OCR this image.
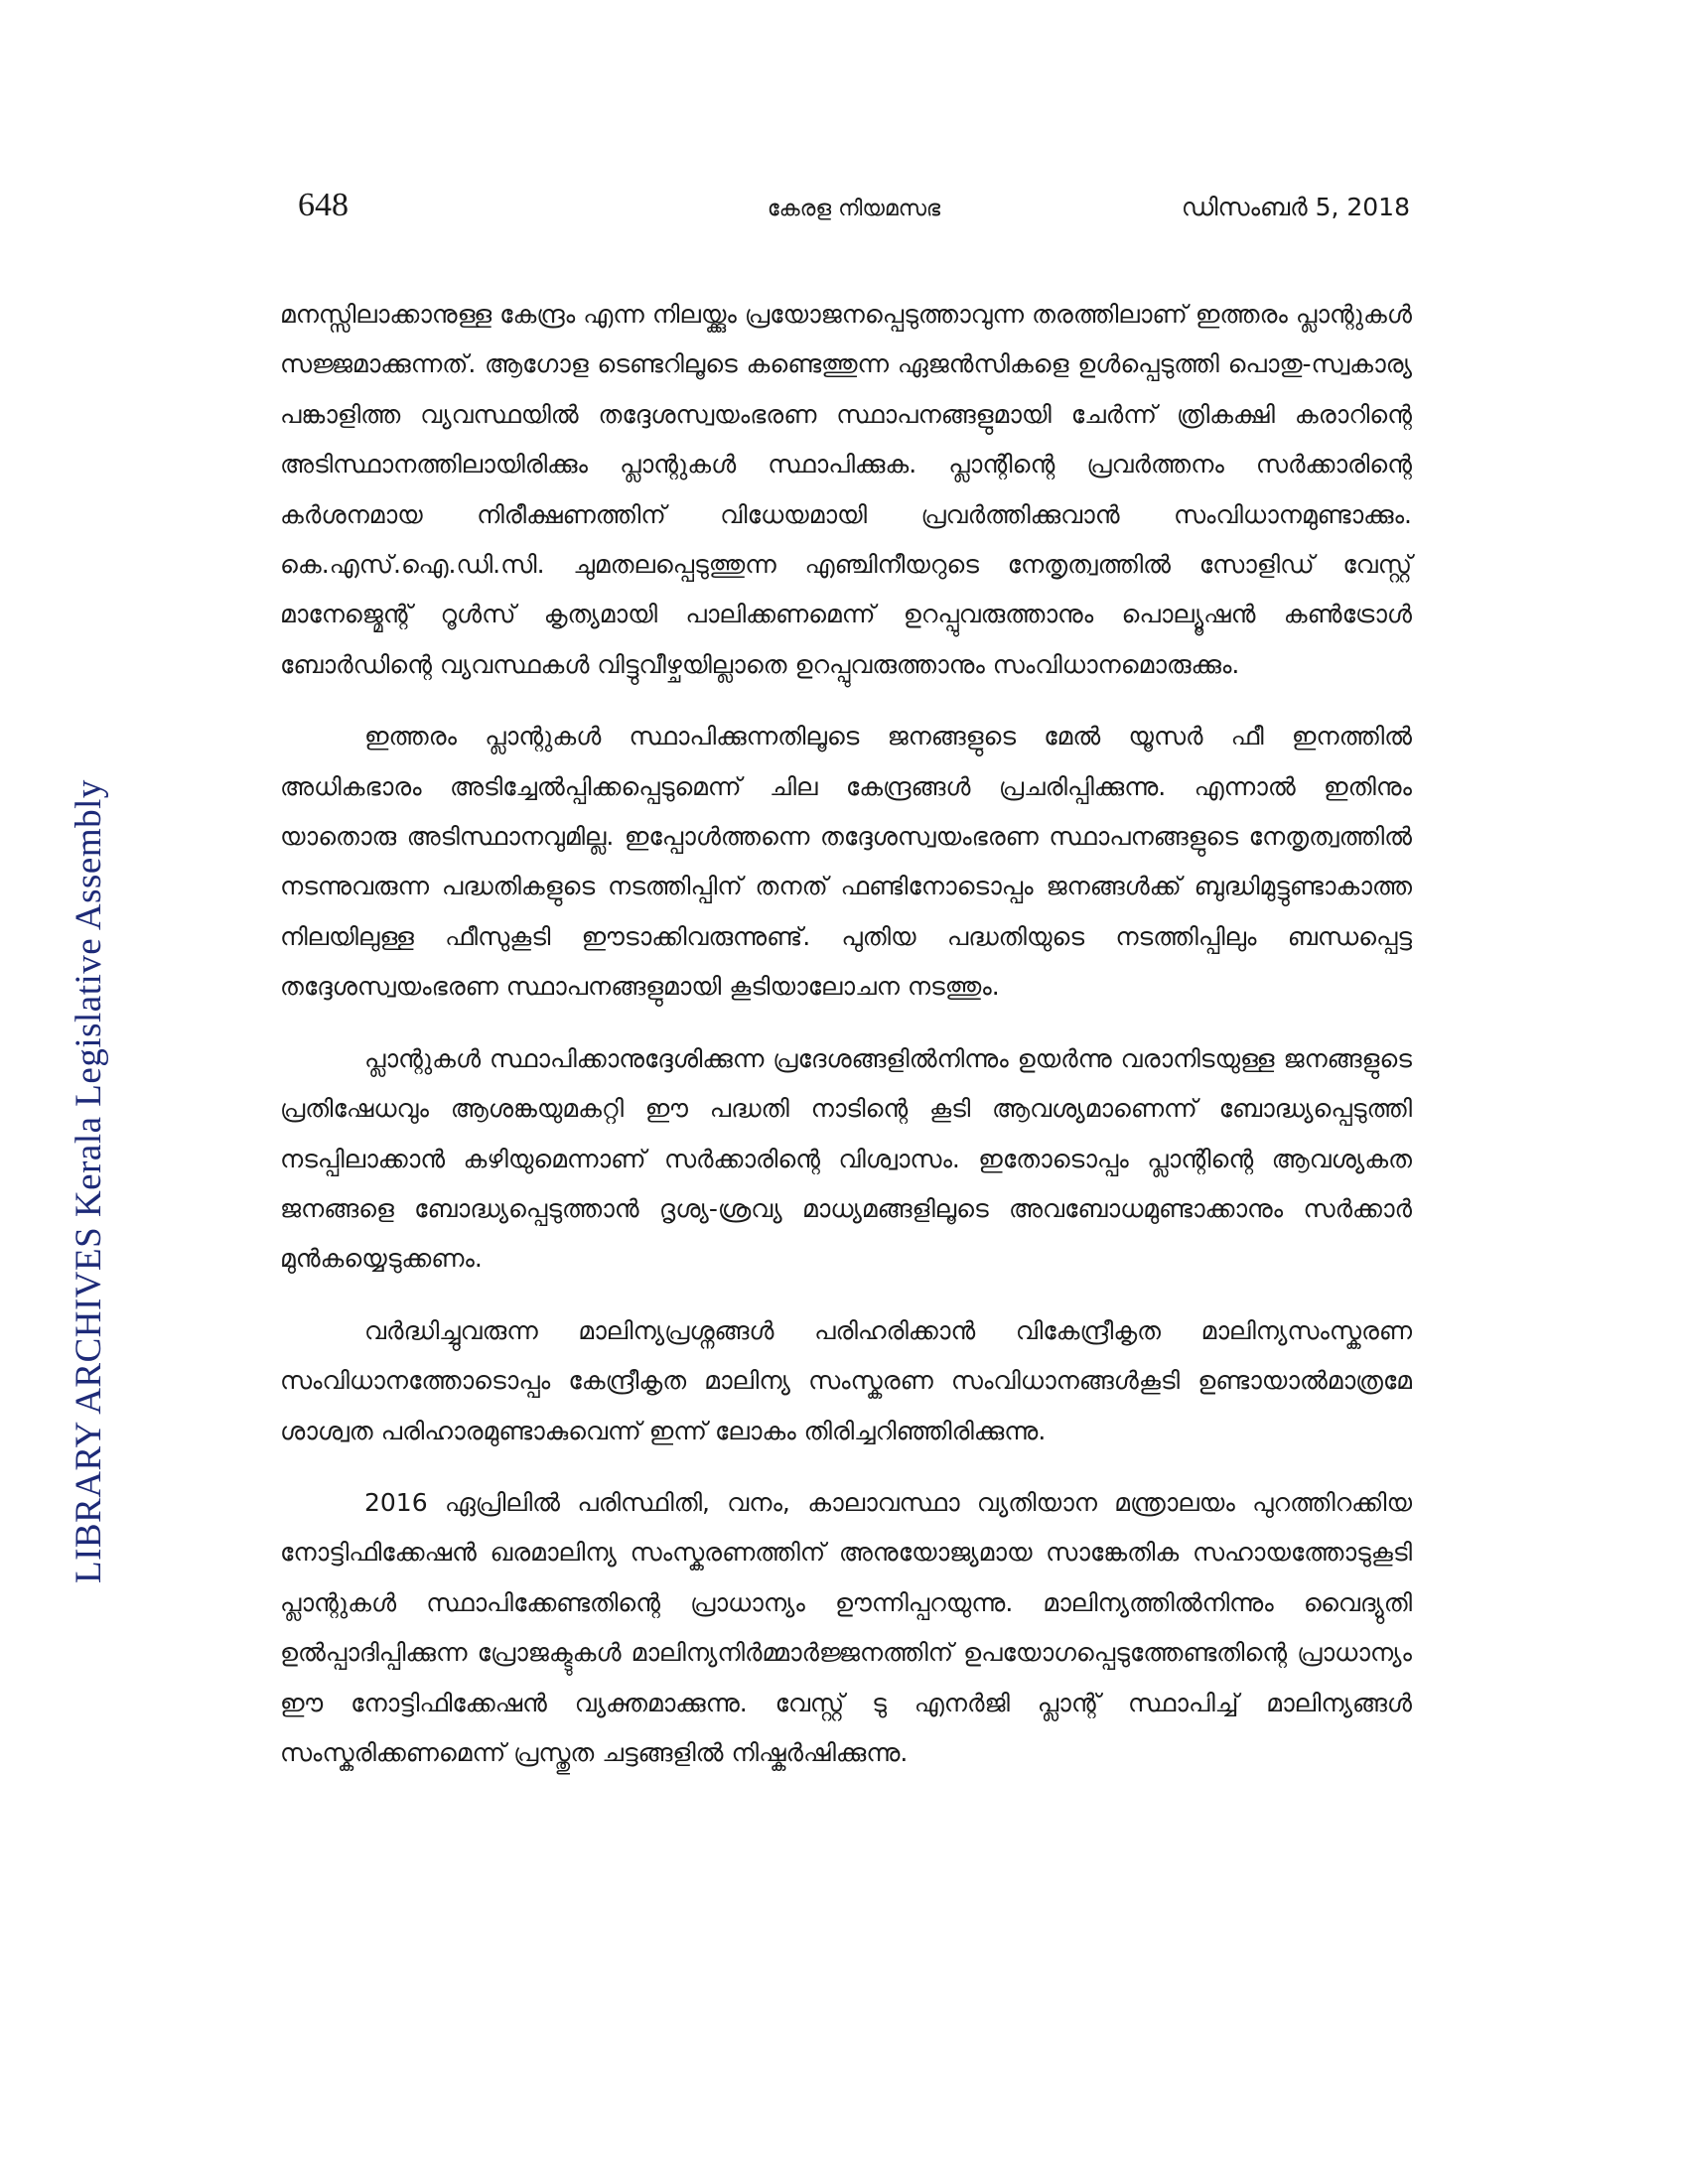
648	കേരള നിയമസഭ	ഡിസംബർ 5, 2018
LIBRARY ARCHIVES Kerala Legislative Assembly

മനസ്സിലാക്കാനുള്ള കേന്ദ്രം എന്ന നിലയ്ക്കും പ്രയോജനപ്പെടുത്താവുന്ന തരത്തിലാണ് ഇത്തരം പ്ലാന്റുകൾ സജ്ജമാക്കുന്നത്. ആഗോള ടെണ്ടറിലൂടെ കണ്ടെത്തുന്ന ഏജൻസികളെ ഉൾപ്പെടുത്തി പൊതു-സ്വകാര്യ പങ്കാളിത്ത വ്യവസ്ഥയിൽ തദ്ദേശസ്വയംഭരണ സ്ഥാപനങ്ങളുമായി ചേർന്ന് ത്രികക്ഷി കരാറിന്റെ അടിസ്ഥാനത്തിലായിരിക്കും പ്ലാന്റുകൾ സ്ഥാപിക്കുക. പ്ലാന്റിന്റെ പ്രവർത്തനം സർക്കാരിന്റെ കർശനമായ നിരീക്ഷണത്തിന് വിധേയമായി പ്രവർത്തിക്കുവാൻ സംവിധാനമുണ്ടാക്കും. കെ.എസ്.ഐ.ഡി.സി. ചുമതലപ്പെടുത്തുന്ന എഞ്ചിനീയറുടെ നേതൃത്വത്തിൽ സോളിഡ് വേസ്റ്റ് മാനേജ്മെന്റ് റൂൾസ് കൃത്യമായി പാലിക്കണമെന്ന് ഉറപ്പുവരുത്താനും പൊല്യൂഷൻ കൺട്രോൾ ബോർഡിന്റെ വ്യവസ്ഥകൾ വിട്ടുവീഴ്ചയില്ലാതെ ഉറപ്പുവരുത്താനും സംവിധാനമൊരുക്കും.

ഇത്തരം പ്ലാന്റുകൾ സ്ഥാപിക്കുന്നതിലൂടെ ജനങ്ങളുടെ മേൽ യൂസർ ഫീ ഇനത്തിൽ അധികഭാരം അടിച്ചേൽപ്പിക്കപ്പെടുമെന്ന് ചില കേന്ദ്രങ്ങൾ പ്രചരിപ്പിക്കുന്നു. എന്നാൽ ഇതിനും യാതൊരു അടിസ്ഥാനവുമില്ല. ഇപ്പോൾത്തന്നെ തദ്ദേശസ്വയംഭരണ സ്ഥാപനങ്ങളുടെ നേതൃത്വത്തിൽ നടന്നുവരുന്ന പദ്ധതികളുടെ നടത്തിപ്പിന് തനത് ഫണ്ടിനോടൊപ്പം ജനങ്ങൾക്ക് ബുദ്ധിമുട്ടുണ്ടാകാത്ത നിലയിലുള്ള ഫീസുകൂടി ഈടാക്കിവരുന്നുണ്ട്. പുതിയ പദ്ധതിയുടെ നടത്തിപ്പിലും ബന്ധപ്പെട്ട തദ്ദേശസ്വയംഭരണ സ്ഥാപനങ്ങളുമായി കൂടിയാലോചന നടത്തും.

പ്ലാന്റുകൾ സ്ഥാപിക്കാനുദ്ദേശിക്കുന്ന പ്രദേശങ്ങളിൽനിന്നും ഉയർന്നു വരാനിടയുള്ള ജനങ്ങളുടെ പ്രതിഷേധവും ആശങ്കയുമകറ്റി ഈ പദ്ധതി നാടിന്റെ കൂടി ആവശ്യമാണെന്ന് ബോദ്ധ്യപ്പെടുത്തി നടപ്പിലാക്കാൻ കഴിയുമെന്നാണ് സർക്കാരിന്റെ വിശ്വാസം. ഇതോടൊപ്പം പ്ലാന്റിന്റെ ആവശ്യകത ജനങ്ങളെ ബോദ്ധ്യപ്പെടുത്താൻ ദൃശ്യ-ശ്രവ്യ മാധ്യമങ്ങളിലൂടെ അവബോധമുണ്ടാക്കാനും സർക്കാർ മുൻകയ്യെടുക്കണം.

വർദ്ധിച്ചുവരുന്ന മാലിന്യപ്രശ്നങ്ങൾ പരിഹരിക്കാൻ വികേന്ദ്രീകൃത മാലിന്യസംസ്കരണ സംവിധാനത്തോടൊപ്പം കേന്ദ്രീകൃത മാലിന്യ സംസ്കരണ സംവിധാനങ്ങൾകൂടി ഉണ്ടായാൽമാത്രമേ ശാശ്വത പരിഹാരമുണ്ടാകുവെന്ന് ഇന്ന് ലോകം തിരിച്ചറിഞ്ഞിരിക്കുന്നു.

2016 ഏപ്രിലിൽ പരിസ്ഥിതി, വനം, കാലാവസ്ഥാ വ്യതിയാന മന്ത്രാലയം പുറത്തിറക്കിയ നോട്ടിഫിക്കേഷൻ ഖരമാലിന്യ സംസ്കരണത്തിന് അനുയോജ്യമായ സാങ്കേതിക സഹായത്തോടുകൂടി പ്ലാന്റുകൾ സ്ഥാപിക്കേണ്ടതിന്റെ പ്രാധാന്യം ഊന്നിപ്പറയുന്നു. മാലിന്യത്തിൽനിന്നും വൈദ്യുതി ഉൽപ്പാദിപ്പിക്കുന്ന പ്രോജക്ടുകൾ മാലിന്യനിർമ്മാർജ്ജനത്തിന് ഉപയോഗപ്പെടുത്തേണ്ടതിന്റെ പ്രാധാന്യം ഈ നോട്ടിഫിക്കേഷൻ വ്യക്തമാക്കുന്നു. വേസ്റ്റ് ടു എനർജി പ്ലാന്റ് സ്ഥാപിച്ച് മാലിന്യങ്ങൾ സംസ്കരിക്കണമെന്ന് പ്രസ്തുത ചട്ടങ്ങളിൽ നിഷ്കർഷിക്കുന്നു.
